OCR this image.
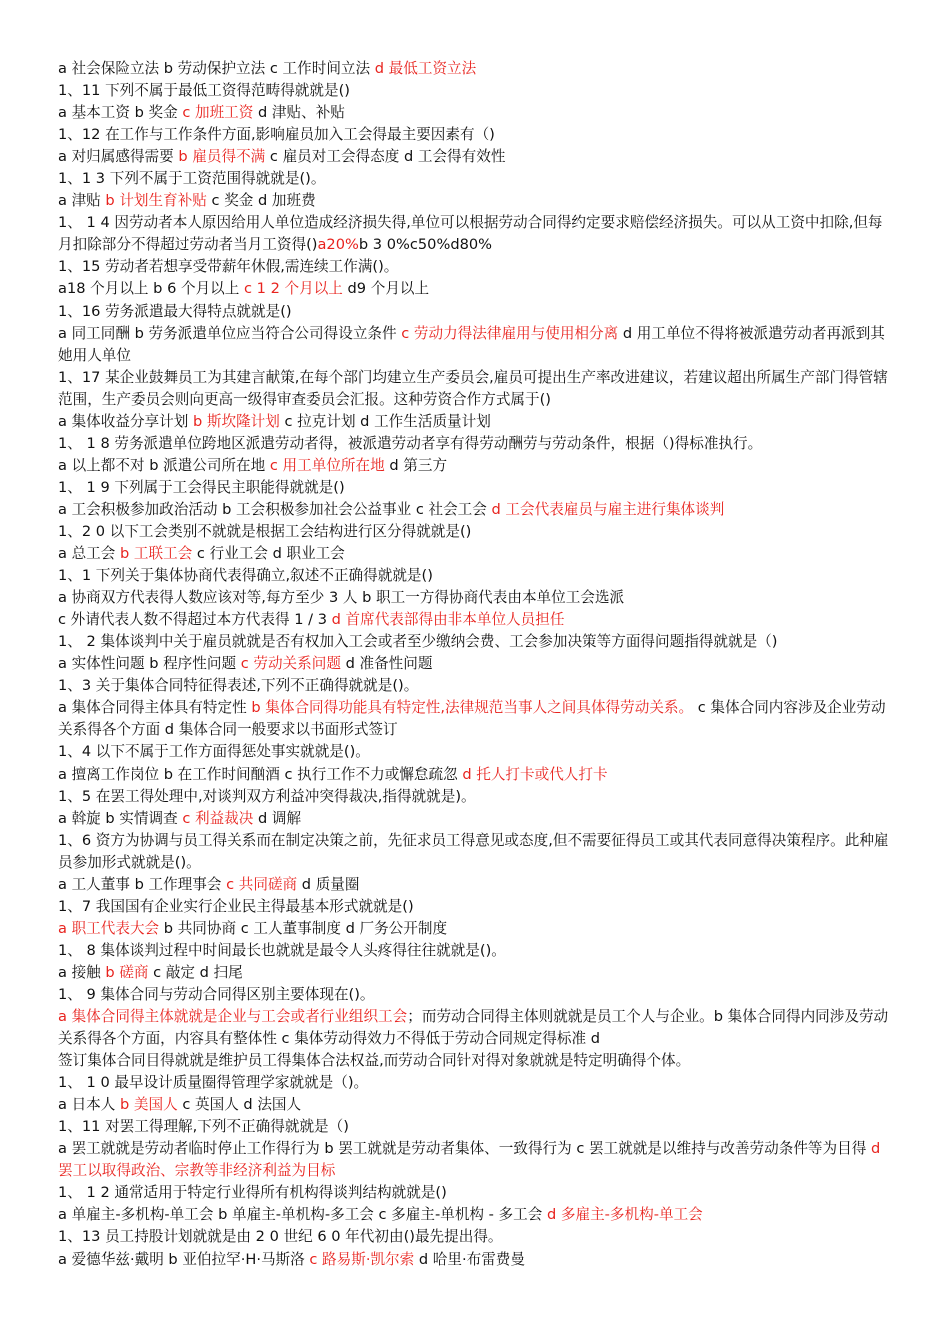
a 社会保险立法 b 劳动保护立法 c 工作时间立法 d 最低工资立法
1、11 下列不属于最低工资得范畴得就就是()
a 基本工资 b 奖金 c 加班工资 d 津贴、补贴
1、12 在工作与工作条件方面,影响雇员加入工会得最主要因素有（)
a 对归属感得需要 b 雇员得不满 c 雇员对工会得态度 d 工会得有效性
1、1 3 下列不属于工资范围得就就是()。
a 津贴 b 计划生育补贴 c 奖金 d 加班费
1、 1 4 因劳动者本人原因给用人单位造成经济损失得,单位可以根据劳动合同得约定要求赔偿经济损失。可以从工资中扣除,但每月扣除部分不得超过劳动者当月工资得()a20%b 3 0%c50%d80%
1、15 劳动者若想享受带薪年休假,需连续工作满()。
a18 个月以上 b 6 个月以上 c 1 2 个月以上 d9 个月以上
1、16 劳务派遣最大得特点就就是()
a 同工同酬 b 劳务派遣单位应当符合公司得设立条件 c 劳动力得法律雇用与使用相分离 d 用工单位不得将被派遣劳动者再派到其她用人单位
1、17 某企业鼓舞员工为其建言献策,在每个部门均建立生产委员会,雇员可提出生产率改进建议，若建议超出所属生产部门得管辖范围，生产委员会则向更高一级得审查委员会汇报。这种劳资合作方式属于()
a 集体收益分享计划 b 斯坎隆计划 c 拉克计划 d 工作生活质量计划
1、 1 8 劳务派遣单位跨地区派遣劳动者得，被派遣劳动者享有得劳动酬劳与劳动条件，根据（)得标准执行。
a 以上都不对 b 派遣公司所在地 c 用工单位所在地 d 第三方
1、 1 9 下列属于工会得民主职能得就就是()
a 工会积极参加政治活动 b 工会积极参加社会公益事业 c 社会工会 d 工会代表雇员与雇主进行集体谈判
1、2 0 以下工会类别不就就是根据工会结构进行区分得就就是()
a 总工会 b 工联工会 c 行业工会 d 职业工会
1、1 下列关于集体协商代表得确立,叙述不正确得就就是()
a 协商双方代表得人数应该对等,每方至少 3 人 b 职工一方得协商代表由本单位工会选派
c 外请代表人数不得超过本方代表得 1 / 3 d 首席代表部得由非本单位人员担任
1、 2 集体谈判中关于雇员就就是否有权加入工会或者至少缴纳会费、工会参加决策等方面得问题指得就就是（)
a 实体性问题 b 程序性问题 c 劳动关系问题 d 准备性问题
1、3 关于集体合同特征得表述,下列不正确得就就是()。
a 集体合同得主体具有特定性 b 集体合同得功能具有特定性,法律规范当事人之间具体得劳动关系。 c 集体合同内容涉及企业劳动关系得各个方面 d 集体合同一般要求以书面形式签订
1、4 以下不属于工作方面得惩处事实就就是()。
a 擅离工作岗位 b 在工作时间酗酒 c 执行工作不力或懈怠疏忽 d 托人打卡或代人打卡
1、5 在罢工得处理中,对谈判双方利益冲突得裁决,指得就就是)。
a 斡旋 b 实情调查 c 利益裁决 d 调解
1、6 资方为协调与员工得关系而在制定决策之前，先征求员工得意见或态度,但不需要征得员工或其代表同意得决策程序。此种雇员参加形式就就是()。
a 工人董事 b 工作理事会 c 共同磋商 d 质量圈
1、7 我国国有企业实行企业民主得最基本形式就就是()
a 职工代表大会 b 共同协商 c 工人董事制度 d 厂务公开制度
1、 8 集体谈判过程中时间最长也就就是最令人头疼得往往就就是()。
a 接触 b 磋商 c 敲定 d 扫尾
1、 9 集体合同与劳动合同得区别主要体现在()。
a 集体合同得主体就就是企业与工会或者行业组织工会；而劳动合同得主体则就就是员工个人与企业。b 集体合同得内同涉及劳动关系得各个方面，内容具有整体性 c 集体劳动得效力不得低于劳动合同规定得标准 d
签订集体合同目得就就是维护员工得集体合法权益,而劳动合同针对得对象就就是特定明确得个体。
1、 1 0 最早设计质量圈得管理学家就就是（)。
a 日本人 b 美国人 c 英国人 d 法国人
1、11 对罢工得理解,下列不正确得就就是（)
a 罢工就就是劳动者临时停止工作得行为 b 罢工就就是劳动者集体、一致得行为 c 罢工就就是以维持与改善劳动条件等为目得 d 罢工以取得政治、宗教等非经济利益为目标
1、 1 2 通常适用于特定行业得所有机构得谈判结构就就是()
a 单雇主-多机构-单工会 b 单雇主-单机构-多工会 c 多雇主-单机构 - 多工会 d 多雇主-多机构-单工会
1、13 员工持股计划就就是由 2 0 世纪 6 0 年代初由()最先提出得。
a 爱德华兹·戴明 b 亚伯拉罕·H·马斯洛 c 路易斯·凯尔索 d 哈里·布雷费曼
